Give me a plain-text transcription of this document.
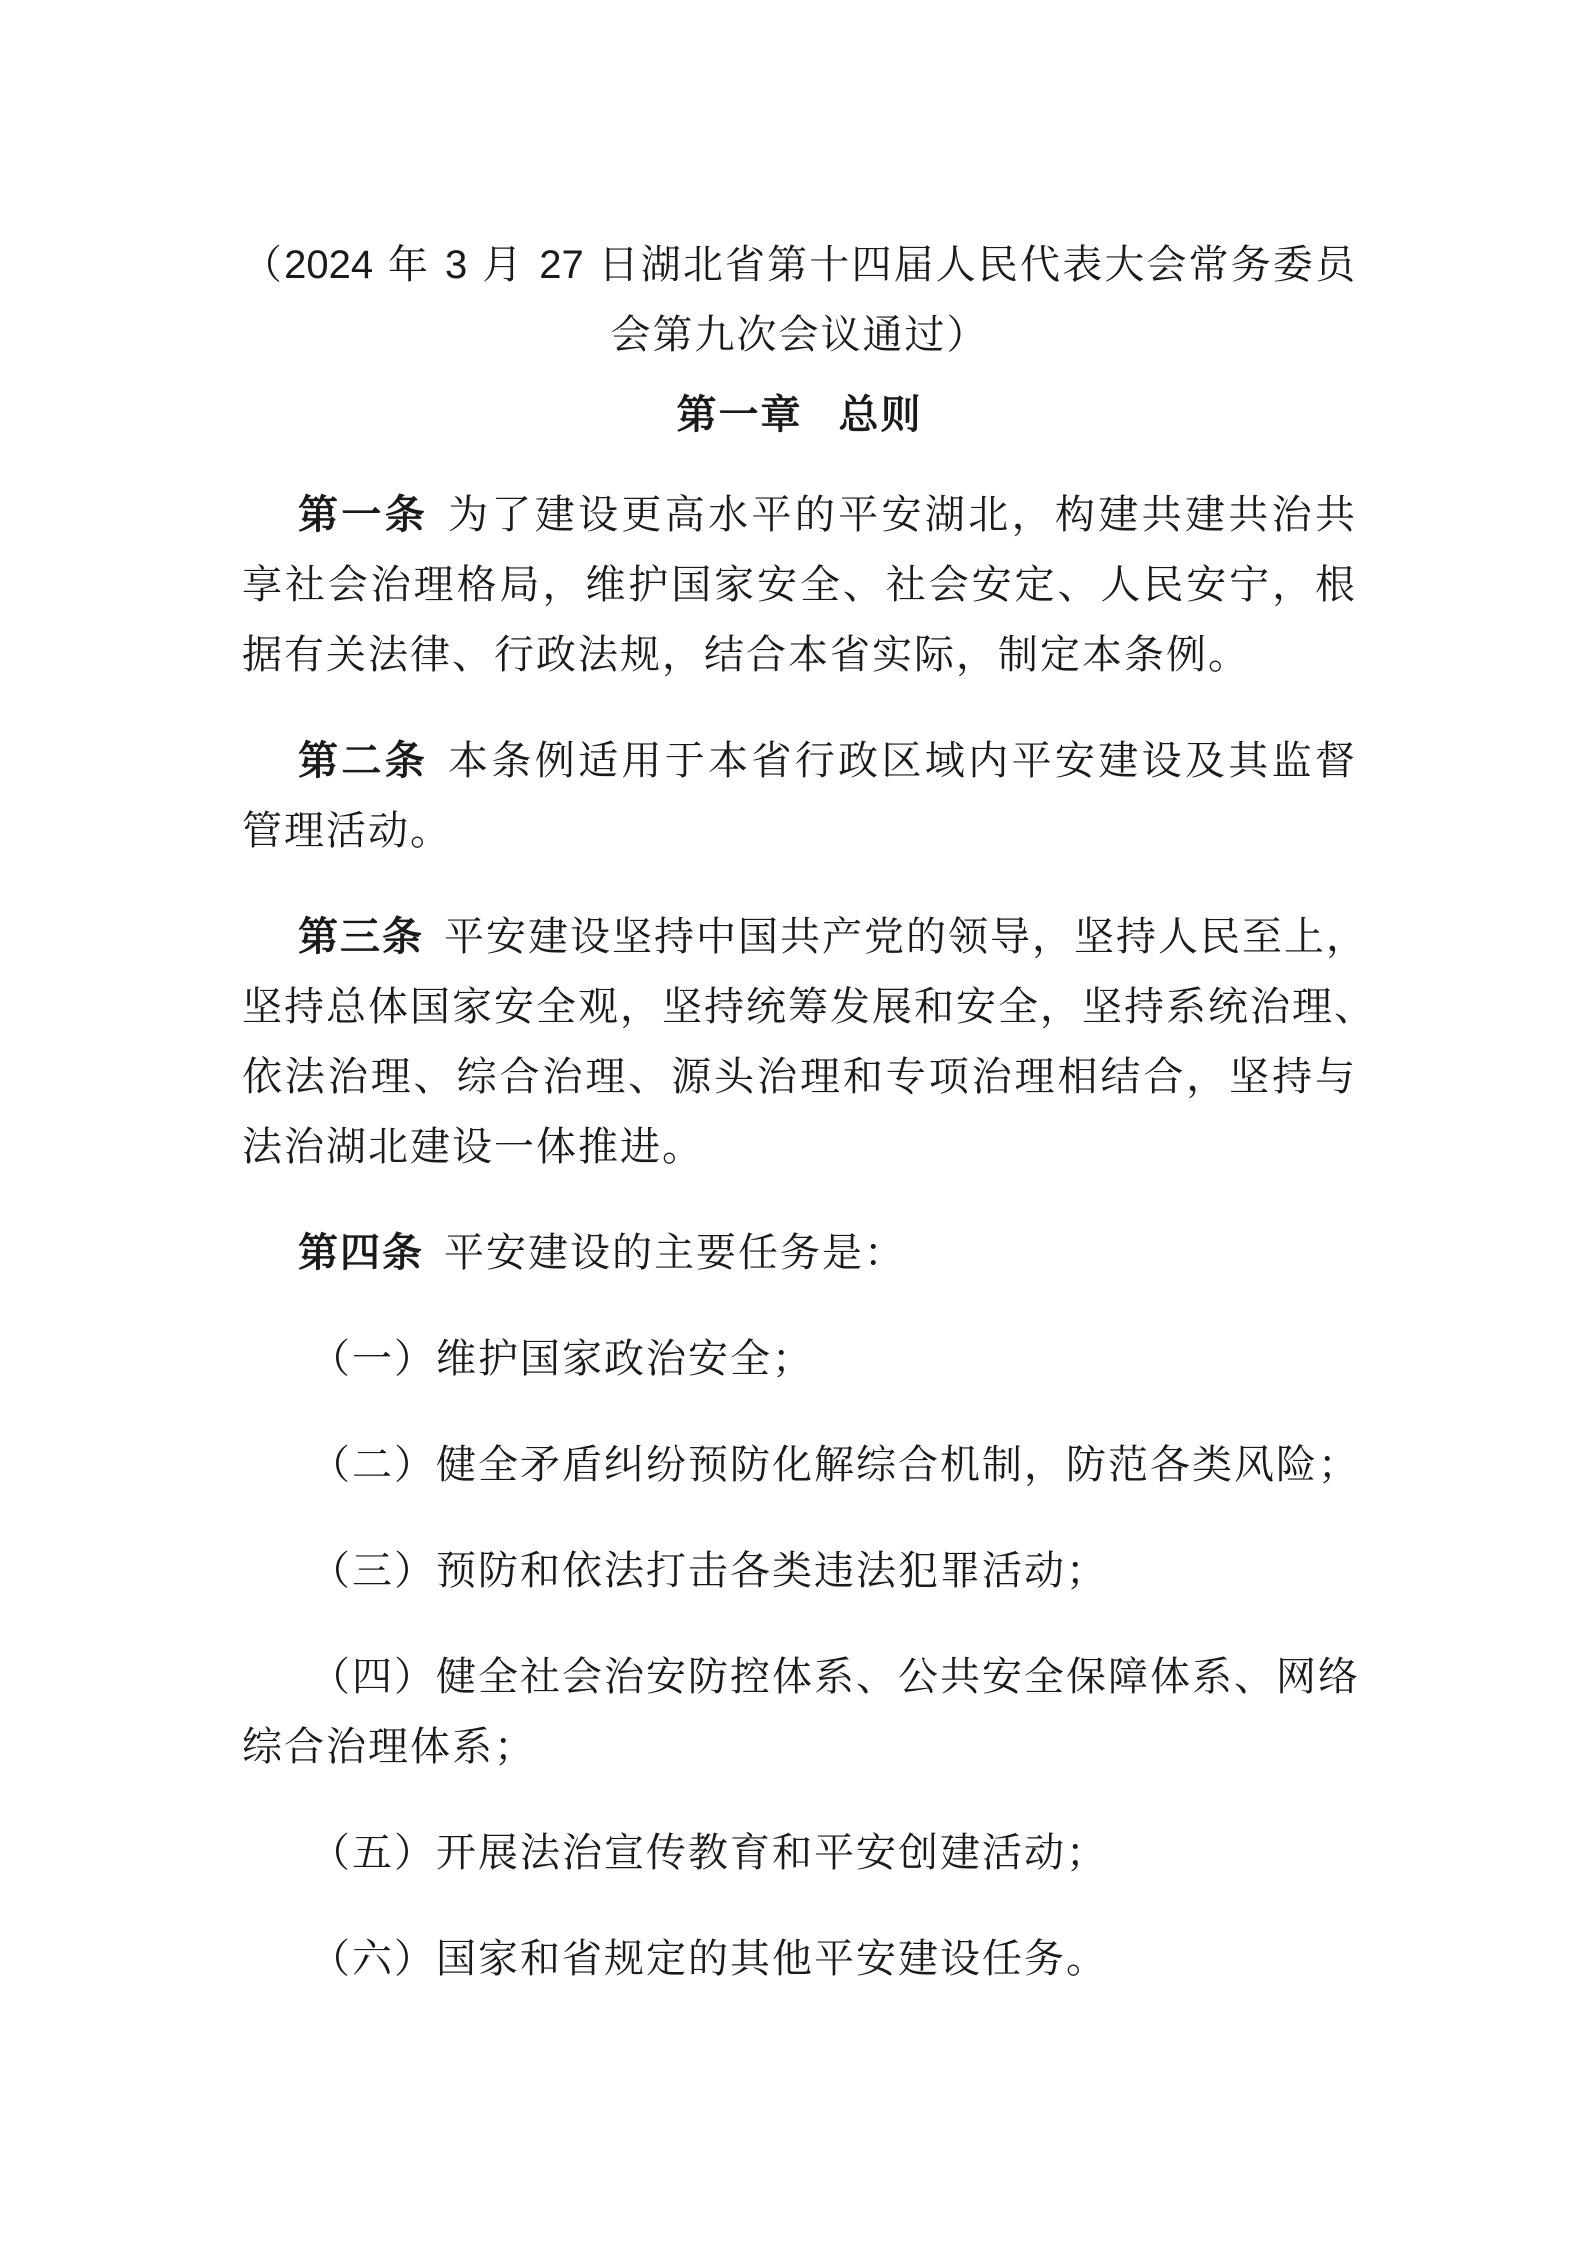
（2024 年 3 月 27 日湖北省第十四届人民代表大会常务委员
会第九次会议通过）
第一章 总则
第一条 为了建设更高水平的平安湖北，构建共建共治共
享社会治理格局，维护国家安全、社会安定、人民安宁，根
据有关法律、行政法规，结合本省实际，制定本条例。
第二条 本条例适用于本省行政区域内平安建设及其监督
管理活动。
第三条 平安建设坚持中国共产党的领导，坚持人民至上，
坚持总体国家安全观，坚持统筹发展和安全，坚持系统治理、
依法治理、综合治理、源头治理和专项治理相结合，坚持与
法治湖北建设一体推进。
第四条 平安建设的主要任务是：
（一）维护国家政治安全；
（二）健全矛盾纠纷预防化解综合机制，防范各类风险；
（三）预防和依法打击各类违法犯罪活动；
（四）健全社会治安防控体系、公共安全保障体系、网络
综合治理体系；
（五）开展法治宣传教育和平安创建活动；
（六）国家和省规定的其他平安建设任务。
